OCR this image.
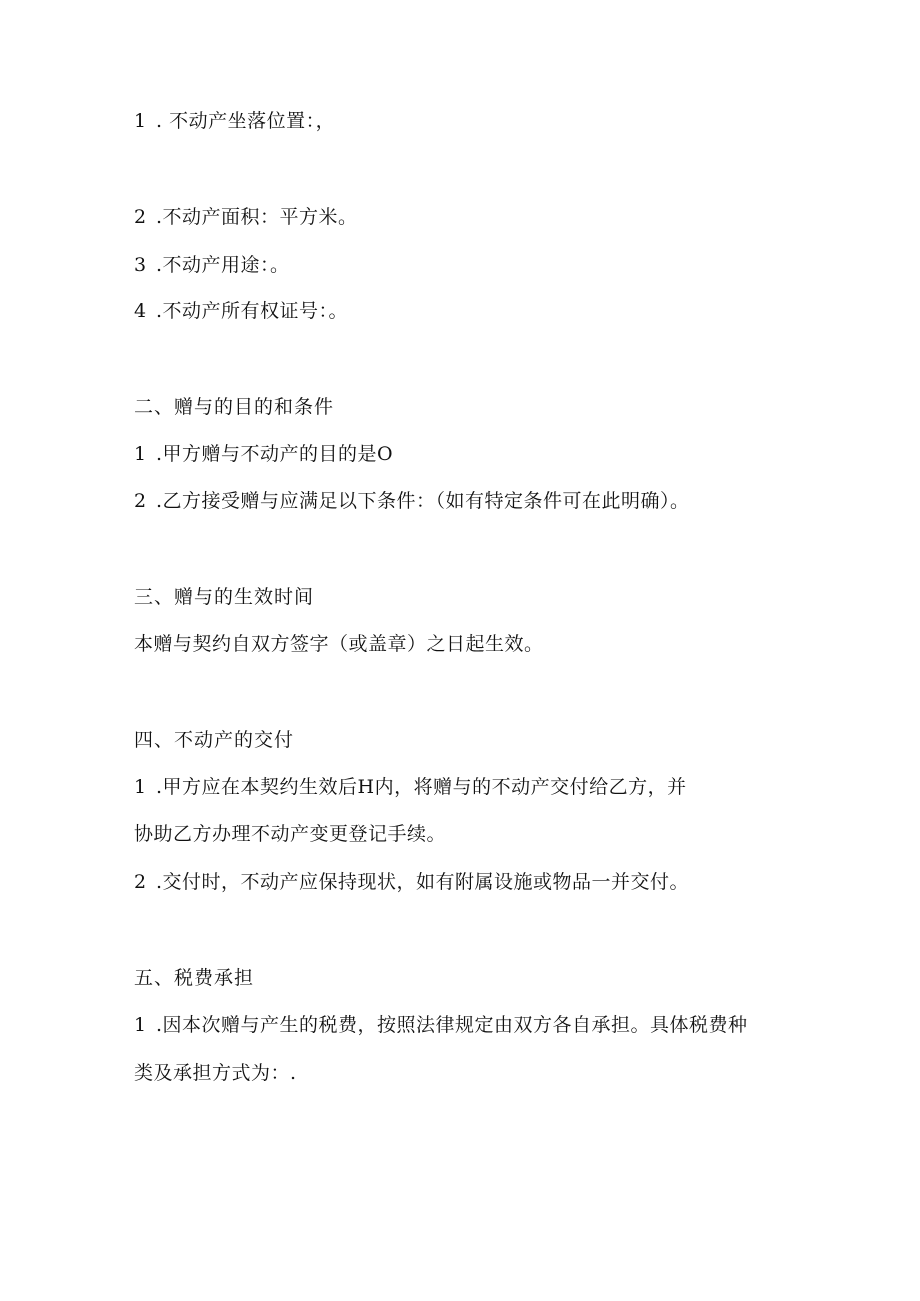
1 . 不动产坐落位置：，
2 .不动产面积：平方米。
3 .不动产用途：。
4 .不动产所有权证号：。
二、赠与的目的和条件
1 .甲方赠与不动产的目的是O
2 .乙方接受赠与应满足以下条件：（如有特定条件可在此明确）。
三、赠与的生效时间
本赠与契约自双方签字（或盖章）之日起生效。
四、不动产的交付
1 .甲方应在本契约生效后H内，将赠与的不动产交付给乙方，并
协助乙方办理不动产变更登记手续。
2 .交付时，不动产应保持现状，如有附属设施或物品一并交付。
五、税费承担
1 .因本次赠与产生的税费，按照法律规定由双方各自承担。具体税费种
类及承担方式为：.
